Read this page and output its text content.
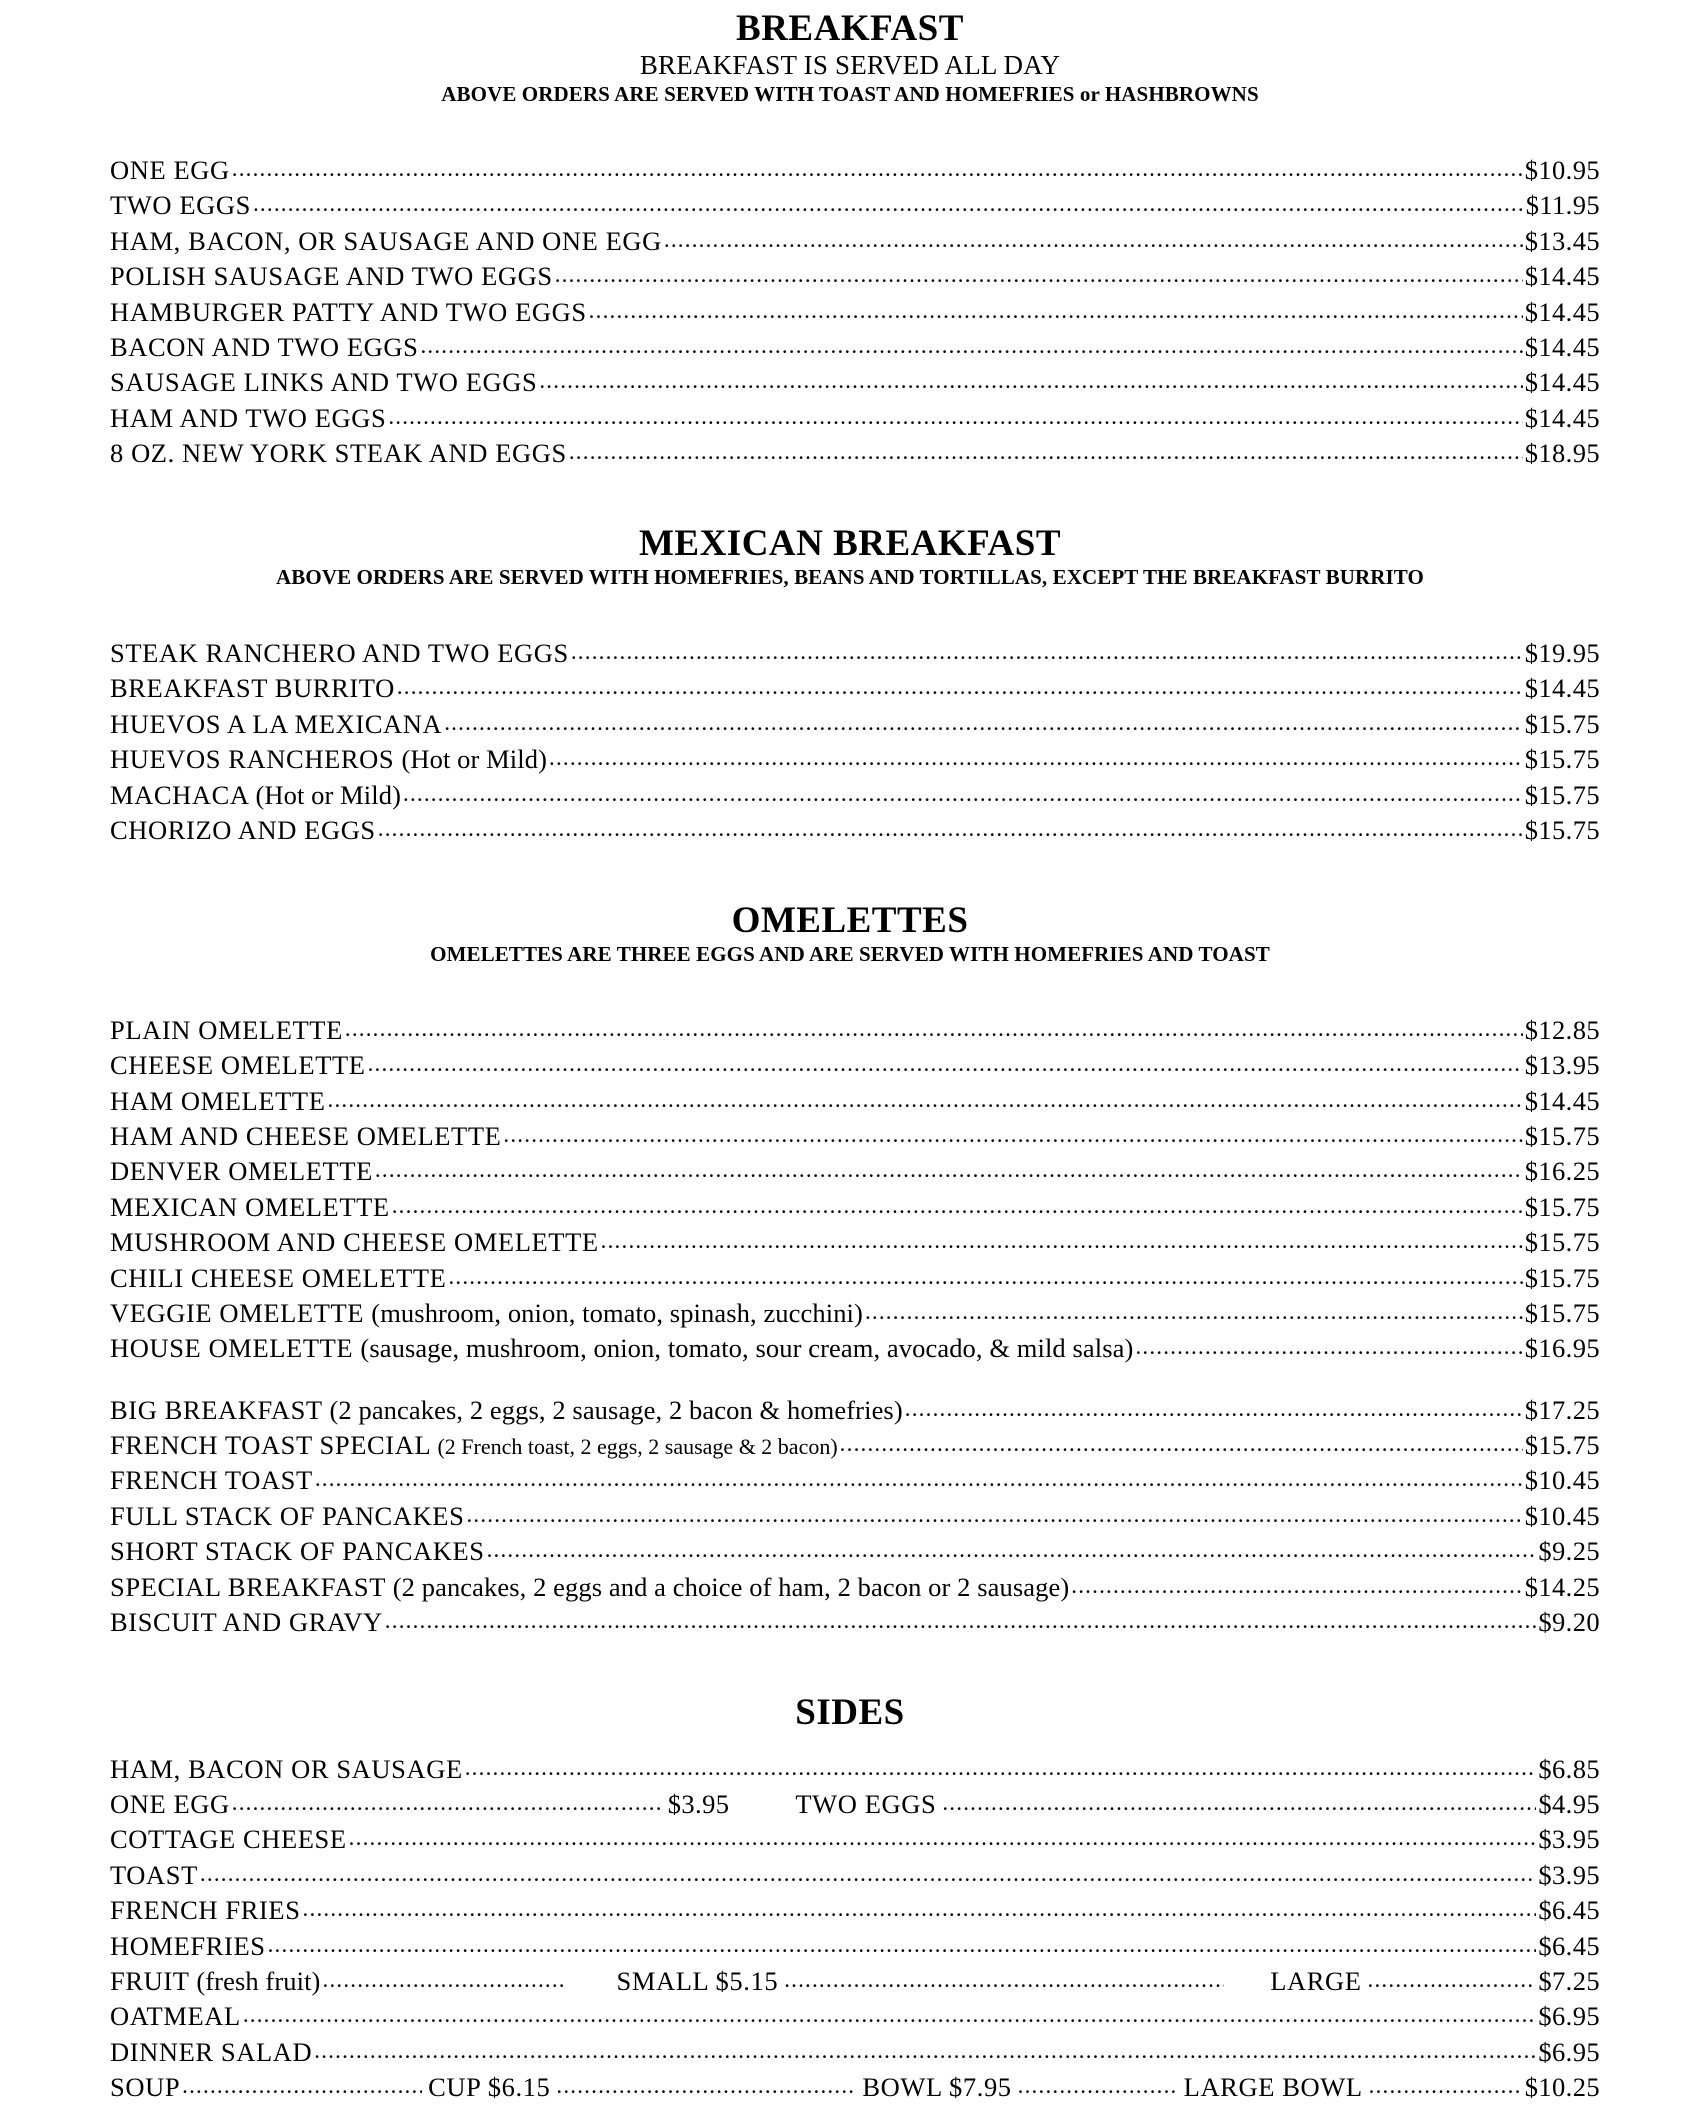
BREAKFAST
BREAKFAST IS SERVED ALL DAY
ABOVE ORDERS ARE SERVED WITH TOAST AND HOMEFRIES or HASHBROWNS
ONE EGG .....	$10.95
TWO EGGS .....	$11.95
HAM, BACON, OR SAUSAGE AND ONE EGG .....	$13.45
POLISH SAUSAGE AND TWO EGGS .....	$14.45
HAMBURGER PATTY AND TWO EGGS .....	$14.45
BACON AND TWO EGGS .....	$14.45
SAUSAGE LINKS AND TWO EGGS .....	$14.45
HAM AND TWO EGGS .....	$14.45
8 OZ. NEW YORK STEAK AND EGGS .....	$18.95
MEXICAN BREAKFAST
ABOVE ORDERS ARE SERVED WITH HOMEFRIES, BEANS AND TORTILLAS, EXCEPT THE BREAKFAST BURRITO
STEAK RANCHERO AND TWO EGGS .....	$19.95
BREAKFAST BURRITO .....	$14.45
HUEVOS A LA MEXICANA .....	$15.75
HUEVOS RANCHEROS (Hot or Mild) .....	$15.75
MACHACA (Hot or Mild) .....	$15.75
CHORIZO AND EGGS .....	$15.75
OMELETTES
OMELETTES ARE THREE EGGS AND ARE SERVED WITH HOMEFRIES AND TOAST
PLAIN OMELETTE .....	$12.85
CHEESE OMELETTE .....	$13.95
HAM OMELETTE .....	$14.45
HAM AND CHEESE OMELETTE .....	$15.75
DENVER OMELETTE .....	$16.25
MEXICAN OMELETTE .....	$15.75
MUSHROOM AND CHEESE OMELETTE .....	$15.75
CHILI CHEESE OMELETTE .....	$15.75
VEGGIE OMELETTE (mushroom, onion, tomato, spinash, zucchini) .....	$15.75
HOUSE OMELETTE (sausage, mushroom, onion, tomato, sour cream, avocado, & mild salsa) .....	$16.95
BIG BREAKFAST (2 pancakes, 2 eggs, 2 sausage, 2 bacon & homefries) .....	$17.25
FRENCH TOAST SPECIAL (2 French toast, 2 eggs, 2 sausage & 2 bacon) .....	$15.75
FRENCH TOAST .....	$10.45
FULL STACK OF PANCAKES .....	$10.45
SHORT STACK OF PANCAKES .....	$9.25
SPECIAL BREAKFAST (2 pancakes, 2 eggs and a choice of ham, 2 bacon or 2 sausage) .....	$14.25
BISCUIT AND GRAVY .....	$9.20
SIDES
HAM, BACON OR SAUSAGE .....	$6.85
ONE EGG .....	$3.95 TWO EGGS .....	$4.95
COTTAGE CHEESE .....	$3.95
TOAST .....	$3.95
FRENCH FRIES .....	$6.45
HOMEFRIES .....	$6.45
FRUIT (fresh fruit) .....	SMALL $5.15 .....	LARGE .....	$7.25
OATMEAL .....	$6.95
DINNER SALAD .....	$6.95
SOUP .....	CUP $6.15 .....	BOWL $7.95 .....	LARGE BOWL .....	$10.25
